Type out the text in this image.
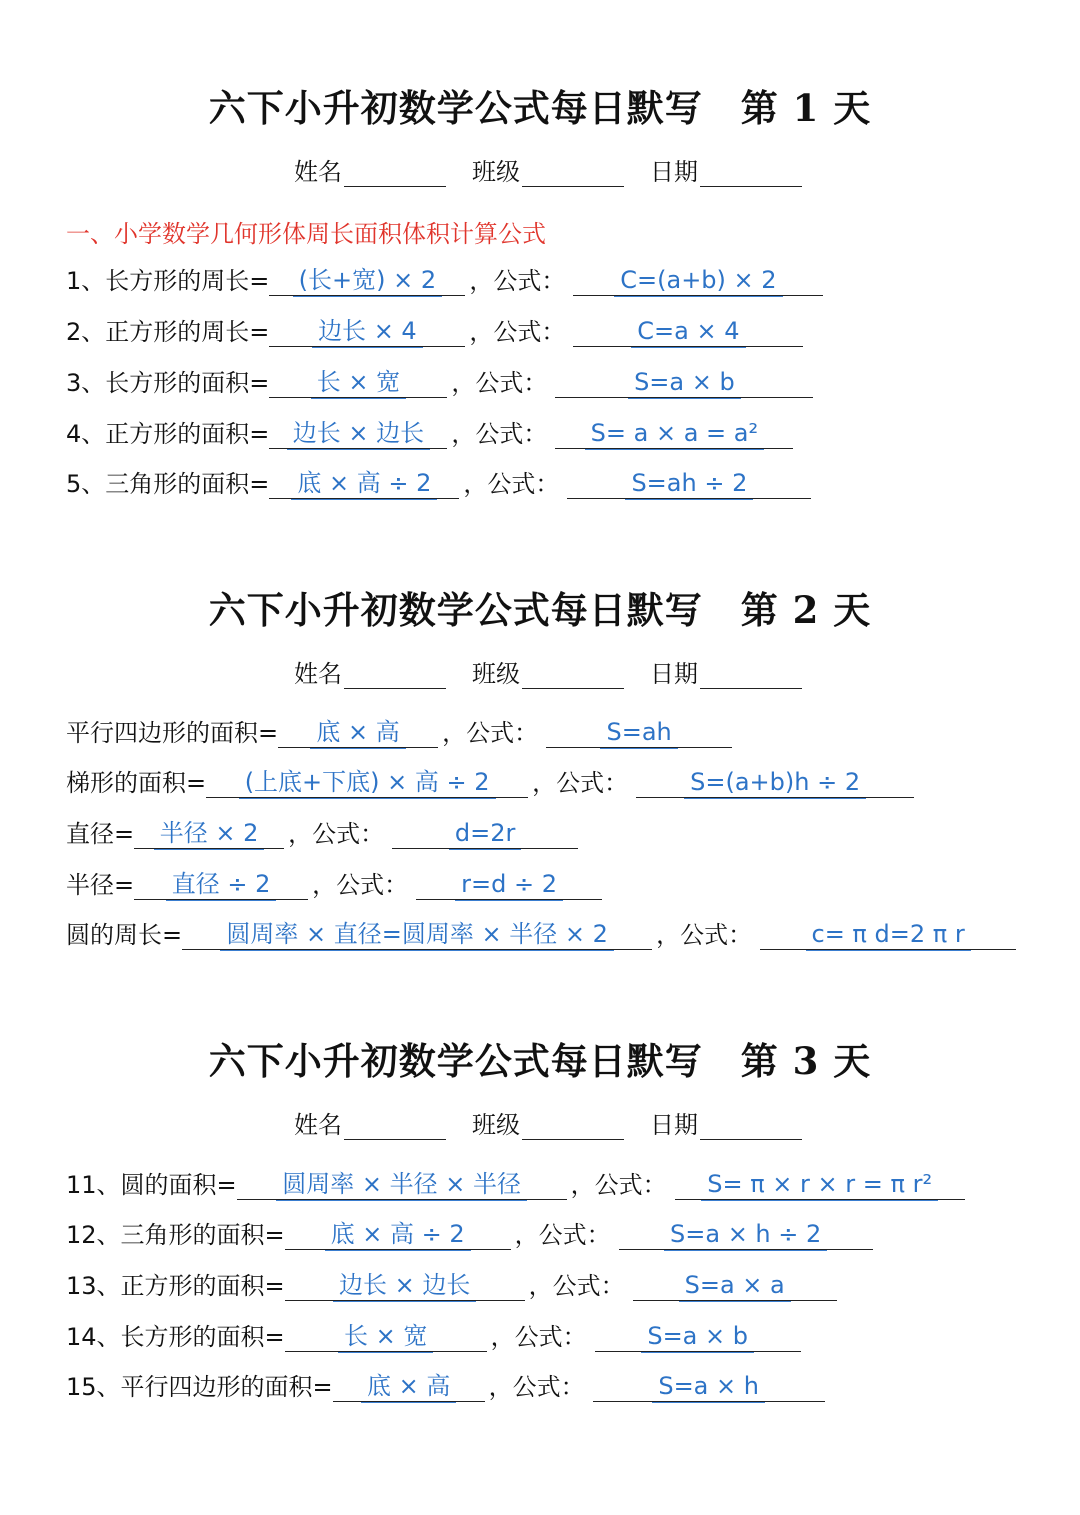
六下小升初数学公式每日默写 第 1 天
姓名	班级	日期
一、小学数学几何形体周长面积体积计算公式
1、长方形的周长=	(长+宽) × 2	，公式：	C=(a+b) × 2
2、正方形的周长=	边长 × 4	，公式：	C=a × 4
3、长方形的面积=	长 × 宽	，公式：	S=a × b
4、正方形的面积= 边长 × 边长	，公式：	S= a × a = a²
5、三角形的面积=	底 × 高 ÷ 2	，公式：	S=ah ÷ 2
六下小升初数学公式每日默写 第 2 天
姓名	班级	日期
平行四边形的面积=	底 × 高	，公式：	S=ah
梯形的面积=	(上底+下底) × 高 ÷ 2	，公式：	S=(a+b)h ÷ 2
直径=	半径 × 2	，公式：	d=2r
半径=	直径 ÷ 2	，公式：	r=d ÷ 2
圆的周长=	圆周率 × 直径=圆周率 × 半径 × 2	，公式：	c= π d=2 π r
六下小升初数学公式每日默写 第 3 天
姓名	班级	日期
11、圆的面积=	圆周率 × 半径 × 半径	，公式：	S= π × r × r = π r²
12、三角形的面积=	底 × 高 ÷ 2	，公式：	S=a × h ÷ 2
13、正方形的面积=	边长 × 边长	，公式：	S=a × a
14、长方形的面积=	长 × 宽	，公式：	S=a × b
15、平行四边形的面积=	底 × 高	，公式：	S=a × h
